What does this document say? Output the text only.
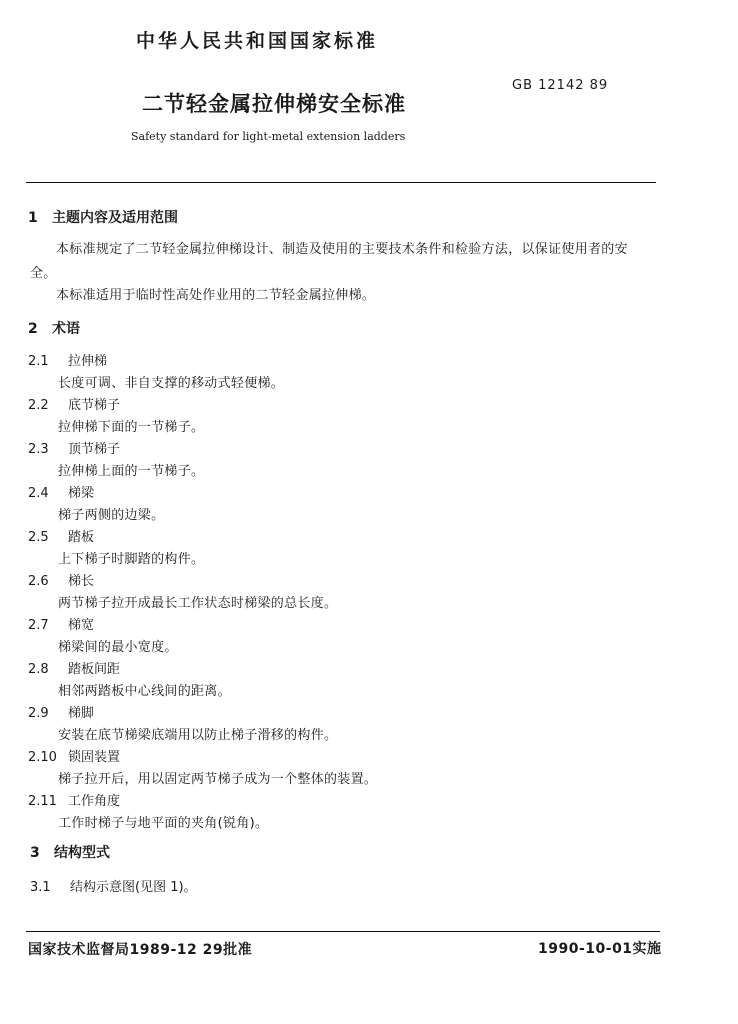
中华人民共和国国家标准
GB 12142 89
二节轻金属拉伸梯安全标准
Safety standard for light-metal extension ladders
1 主题内容及适用范围
本标准规定了二节轻金属拉伸梯设计、制造及使用的主要技术条件和检验方法，以保证使用者的安
全。
本标准适用于临时性高处作业用的二节轻金属拉伸梯。
2 术语
2.1 拉伸梯
长度可调、非自支撑的移动式轻便梯。
2.2 底节梯子
拉伸梯下面的一节梯子。
2.3 顶节梯子
拉伸梯上面的一节梯子。
2.4 梯梁
梯子两侧的边梁。
2.5 踏板
上下梯子时脚踏的构件。
2.6 梯长
两节梯子拉开成最长工作状态时梯梁的总长度。
2.7 梯宽
梯梁间的最小宽度。
2.8 踏板间距
相邻两踏板中心线间的距离。
2.9 梯脚
安装在底节梯梁底端用以防止梯子滑移的构件。
2.10 锁固装置
梯子拉开后，用以固定两节梯子成为一个整体的装置。
2.11 工作角度
工作时梯子与地平面的夹角(锐角)。
3 结构型式
3.1 结构示意图(见图 1)。
国家技术监督局1989-12 29批准	1990-10-01实施
